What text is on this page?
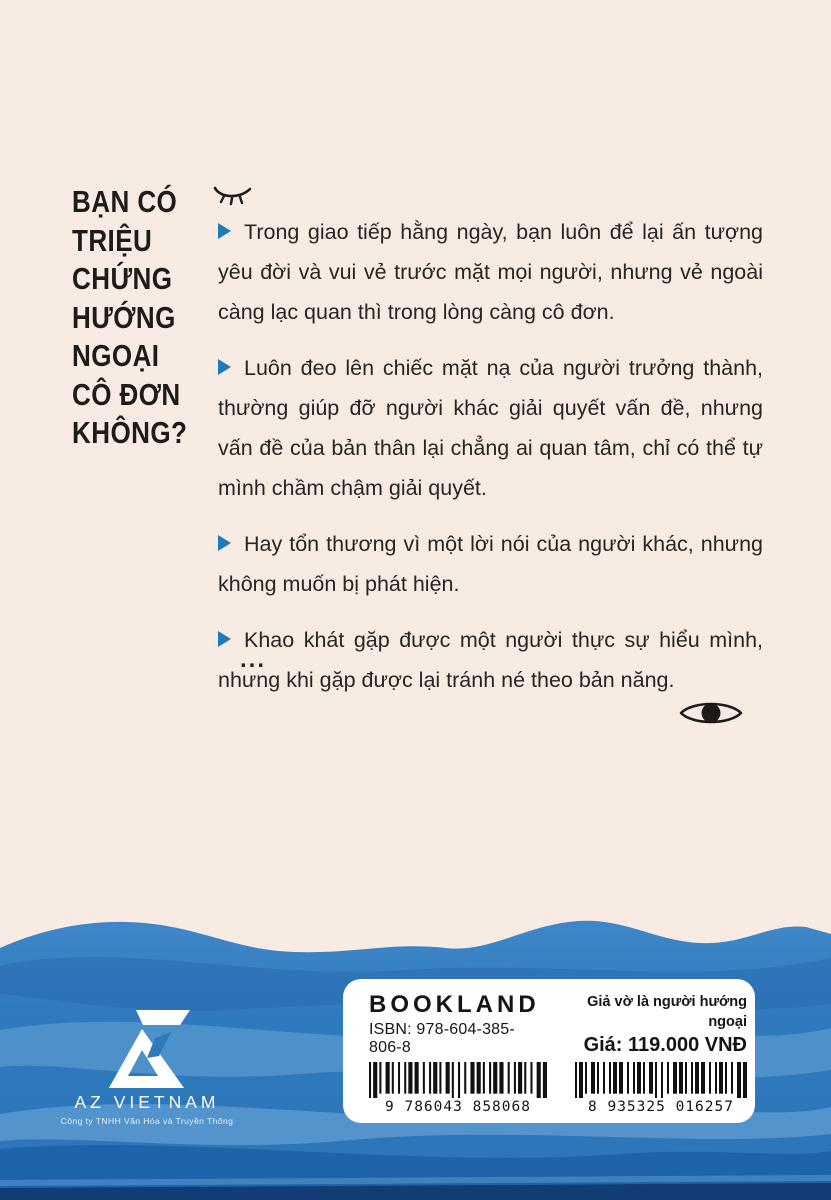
BẠN CÓ
TRIỆU
CHỨNG
HƯỚNG
NGOẠI
CÔ ĐƠN
KHÔNG?

Trong giao tiếp hằng ngày, bạn luôn để lại ấn tượng yêu đời và vui vẻ trước mặt mọi người, nhưng vẻ ngoài càng lạc quan thì trong lòng càng cô đơn.

Luôn đeo lên chiếc mặt nạ của người trưởng thành, thường giúp đỡ người khác giải quyết vấn đề, nhưng vấn đề của bản thân lại chẳng ai quan tâm, chỉ có thể tự mình chầm chậm giải quyết.

Hay tổn thương vì một lời nói của người khác, nhưng không muốn bị phát hiện.

Khao khát gặp được một người thực sự hiểu mình, nhưng khi gặp được lại tránh né theo bản năng.

...
AZ VIETNAM
Công ty TNHH Văn Hóa và Truyền Thông
BOOKLAND
ISBN: 978-604-385-806-8
9 786043 858068
Giả vờ là người hướng ngoại
Giá: 119.000 VNĐ
8 935325 016257
